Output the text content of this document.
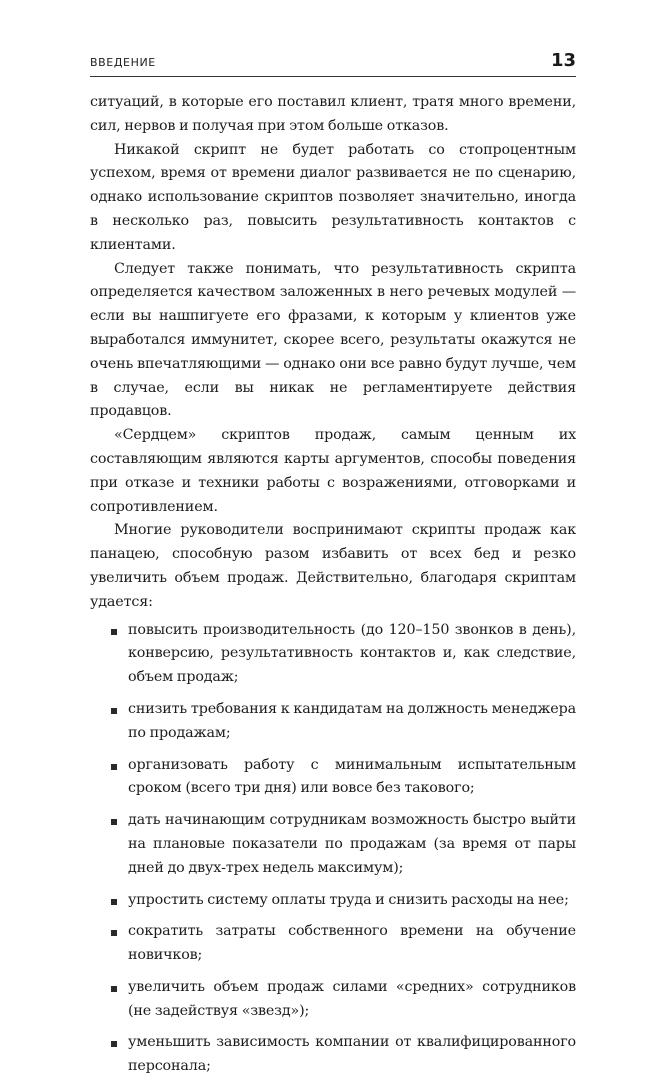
ВВЕДЕНИЕ	13

ситуаций, в которые его поставил клиент, тратя много времени, сил, нервов и получая при этом больше отказов.

Никакой скрипт не будет работать со стопроцентным успехом, время от времени диалог развивается не по сценарию, однако использование скриптов позволяет значительно, иногда в несколько раз, повысить результативность контактов с клиентами.

Следует также понимать, что результативность скрипта определяется качеством заложенных в него речевых модулей — если вы нашпигуете его фразами, к которым у клиентов уже выработался иммунитет, скорее всего, результаты окажутся не очень впечатляющими — однако они все равно будут лучше, чем в случае, если вы никак не регламентируете действия продавцов.

«Сердцем» скриптов продаж, самым ценным их составляющим являются карты аргументов, способы поведения при отказе и техники работы с возражениями, отговорками и сопротивлением.

Многие руководители воспринимают скрипты продаж как панацею, способную разом избавить от всех бед и резко увеличить объем продаж. Действительно, благодаря скриптам удается:

повысить производительность (до 120–150 звонков в день), конверсию, результативность контактов и, как следствие, объем продаж;
снизить требования к кандидатам на должность менеджера по продажам;
организовать работу с минимальным испытательным сроком (всего три дня) или вовсе без такового;
дать начинающим сотрудникам возможность быстро выйти на плановые показатели по продажам (за время от пары дней до двух-трех недель максимум);
упростить систему оплаты труда и снизить расходы на нее;
сократить затраты собственного времени на обучение новичков;
увеличить объем продаж силами «средних» сотрудников (не задействуя «звезд»);
уменьшить зависимость компании от квалифицированного персонала;
